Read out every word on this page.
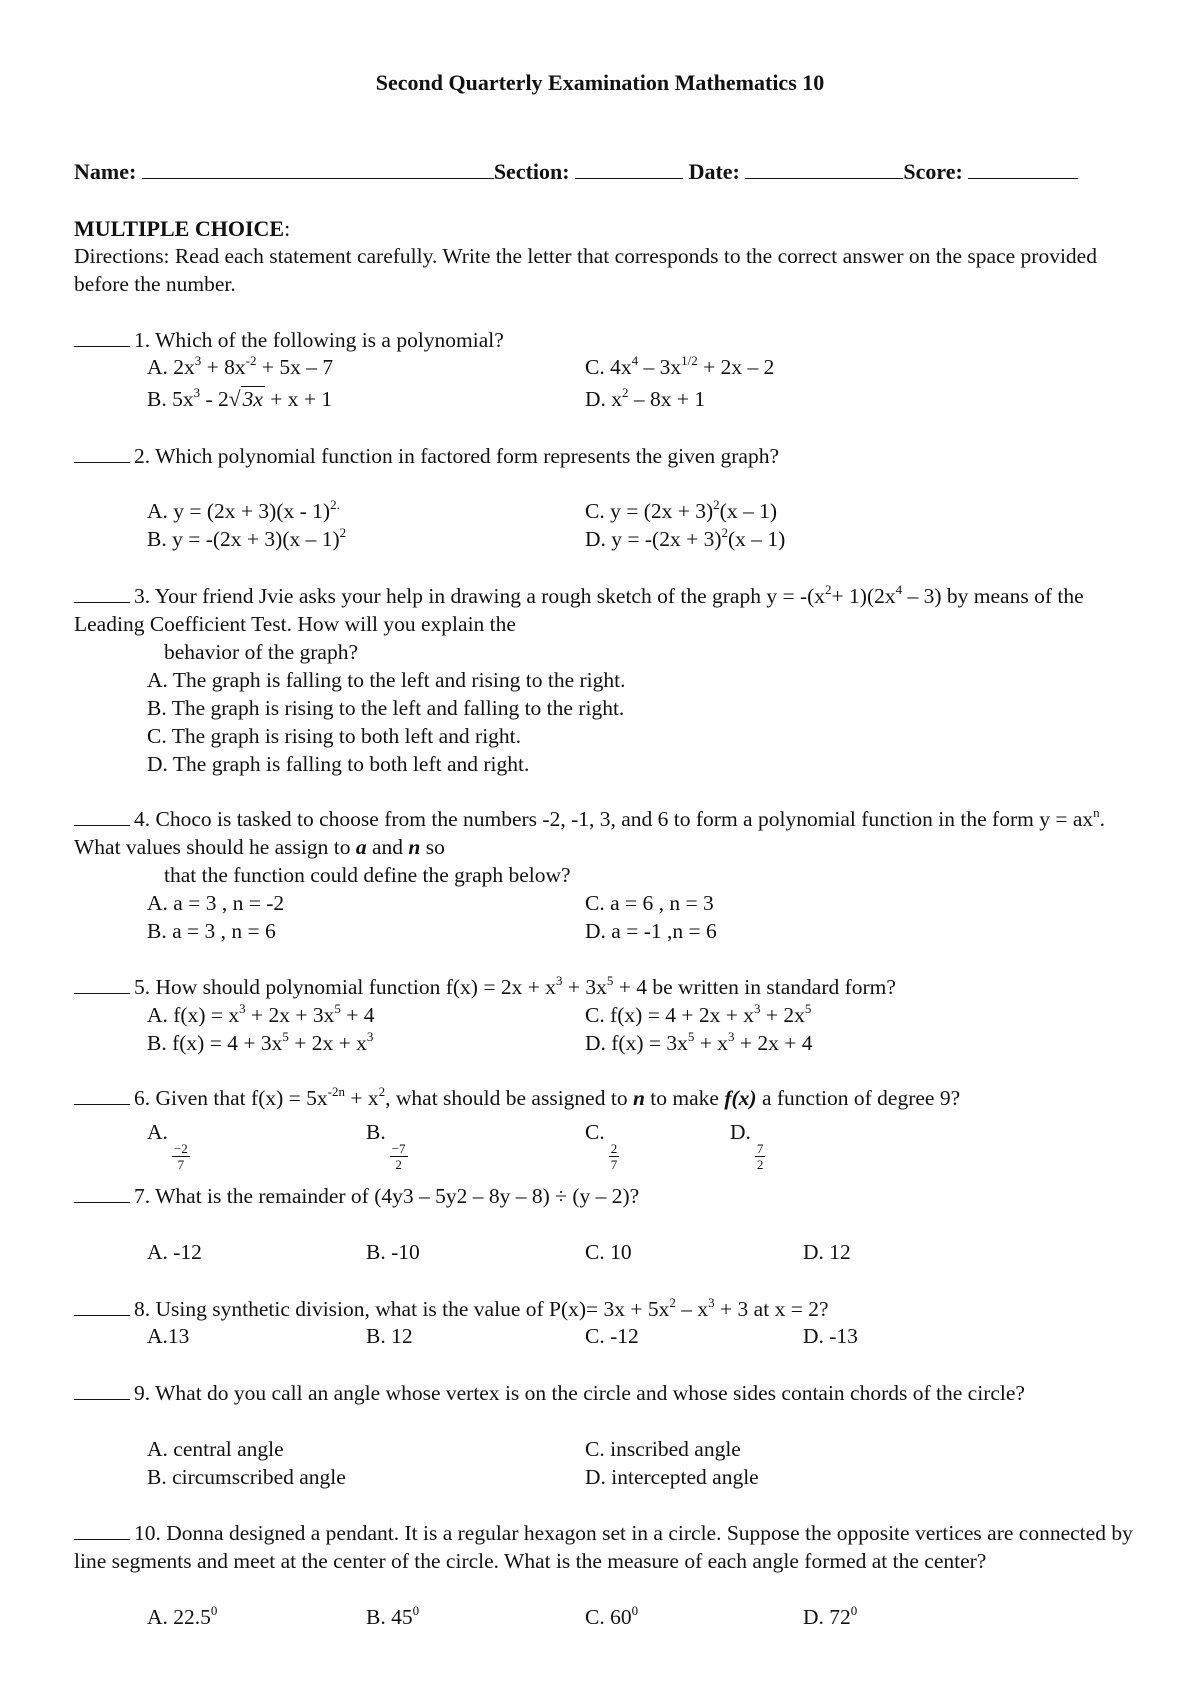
Second Quarterly Examination Mathematics 10
Name:	Section:	Date:	Score:
MULTIPLE CHOICE:
Directions: Read each statement carefully. Write the letter that corresponds to the correct answer on the space provided before the number.
1. Which of the following is a polynomial?
A. $2x^3 + 8x^{-2} + 5x - 7$	C. $4x^4 - 3x^{1/2} + 2x - 2$
B. $5x^3 - 2√3x + x + 1$	D. $x^2 - 8x + 1$
2. Which polynomial function in factored form represents the given graph?
A. y = (2x + 3)(x - 1)$^{2.}$	C. $y = (2x + 3)^2(x - 1)$
B. y = -(2x + 3)(x – 1)$^2$	D. $y = -(2x + 3)^2(x - 1)$
3. Your friend Jvie asks your help in drawing a rough sketch of the graph $y = -(x^2+ 1)(2x^4 - 3)$ by means of the Leading Coefficient Test. How will you explain the
behavior of the graph?
A. The graph is falling to the left and rising to the right.
B. The graph is rising to the left and falling to the right.
C. The graph is rising to both left and right.
D. The graph is falling to both left and right.
4. Choco is tasked to choose from the numbers -2, -1, 3, and 6 to form a polynomial function in the form $y = ax^n$. What values should he assign to a and n so
that the function could define the graph below?
A. a = 3 , n = -2	C. a = 6 , n = 3
B. a = 3 , n = 6	D. a = -1 ,n = 6
5. How should polynomial function $f(x) = 2x + x^3 + 3x^5 + 4$ be written in standard form?
A. $f(x) = x^3 + 2x + 3x^5 + 4$	C. $f(x) = 4 + 2x + x^3 + 2x^5$
B. $f(x) = 4 + 3x^5 + 2x + x^3$	D. $f(x) = 3x^5 + x^3 + 2x + 4$
6. Given that $f(x) = 5x^{-2n} + x^2$, what should be assigned to n to make f(x) a function of degree 9?
A.
$\frac{-2}{7}$
B.
$\frac{-7}{2}$
C.
$\frac{2}{7}$
D.
$\frac{7}{2}$
7. What is the remainder of (4y3 – 5y2 – 8y – 8) ÷ (y – 2)?
A. -12	B. -10	C. 10	D. 12
8. Using synthetic division, what is the value of $P(x)= 3x + 5x^2 - x^3 + 3$ at x = 2?
A.13	B. 12	C. -12	D. -13
9. What do you call an angle whose vertex is on the circle and whose sides contain chords of the circle?
A. central angle	C. inscribed angle
B. circumscribed angle	D. intercepted angle
10. Donna designed a pendant. It is a regular hexagon set in a circle. Suppose the opposite vertices are connected by line segments and meet at the center of the circle. What is the measure of each angle formed at the center?
A. 22.5$^0$	B. $45^0$	C. $60^0$	D. $72^0$
